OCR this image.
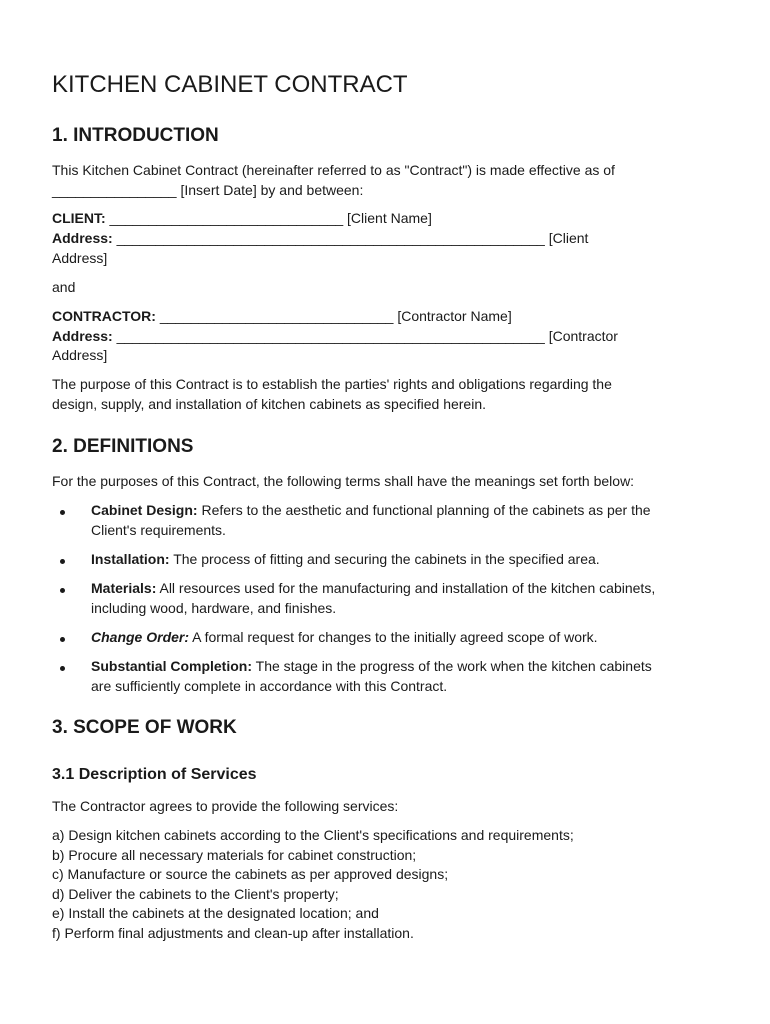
KITCHEN CABINET CONTRACT
1. INTRODUCTION
This Kitchen Cabinet Contract (hereinafter referred to as "Contract") is made effective as of
________________ [Insert Date] by and between:
CLIENT: ______________________________ [Client Name]
Address: _______________________________________________________ [Client
Address]
and
CONTRACTOR: ______________________________ [Contractor Name]
Address: _______________________________________________________ [Contractor
Address]
The purpose of this Contract is to establish the parties' rights and obligations regarding the
design, supply, and installation of kitchen cabinets as specified herein.
2. DEFINITIONS
For the purposes of this Contract, the following terms shall have the meanings set forth below:
Cabinet Design: Refers to the aesthetic and functional planning of the cabinets as per the
Client's requirements.
Installation: The process of fitting and securing the cabinets in the specified area.
Materials: All resources used for the manufacturing and installation of the kitchen cabinets,
including wood, hardware, and finishes.
Change Order: A formal request for changes to the initially agreed scope of work.
Substantial Completion: The stage in the progress of the work when the kitchen cabinets
are sufficiently complete in accordance with this Contract.
3. SCOPE OF WORK
3.1 Description of Services
The Contractor agrees to provide the following services:
a) Design kitchen cabinets according to the Client's specifications and requirements;
b) Procure all necessary materials for cabinet construction;
c) Manufacture or source the cabinets as per approved designs;
d) Deliver the cabinets to the Client's property;
e) Install the cabinets at the designated location; and
f) Perform final adjustments and clean-up after installation.
